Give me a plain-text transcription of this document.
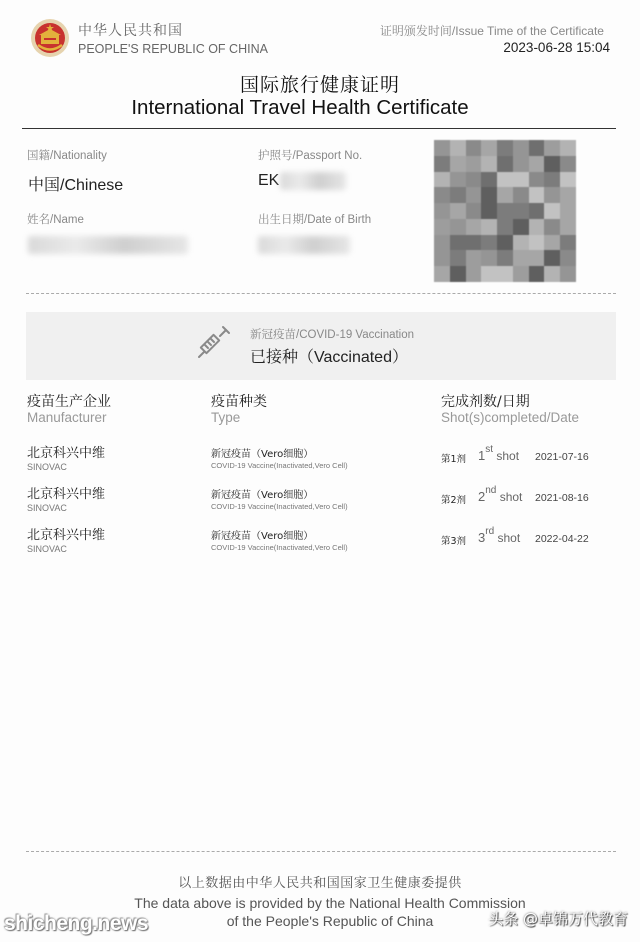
中华人民共和国
PEOPLE'S REPUBLIC OF CHINA
证明颁发时间/Issue Time of the Certificate
2023-06-28 15:04
国际旅行健康证明
International Travel Health Certificate
国籍/Nationality
中国/Chinese
护照号/Passport No.
EK
姓名/Name	出生日期/Date of Birth
新冠疫苗/COVID-19 Vaccination
已接种（Vaccinated）
疫苗生产企业
Manufacturer
疫苗种类
Type
完成剂数/日期
Shot(s)completed/Date
北京科兴中维
SINOVAC
新冠疫苗（Vero细胞）
COVID-19 Vaccine(Inactivated,Vero Cell)
第1剂 1st shot 2021-07-16
北京科兴中维
SINOVAC
新冠疫苗（Vero细胞）
COVID-19 Vaccine(Inactivated,Vero Cell)
第2剂 2nd shot 2021-08-16
北京科兴中维
SINOVAC
新冠疫苗（Vero细胞）
COVID-19 Vaccine(Inactivated,Vero Cell)
第3剂 3rd shot 2022-04-22
以上数据由中华人民共和国国家卫生健康委提供
The data above is provided by the National Health Commission
of the People's Republic of China
shicheng.news	头条 @卓锦万代教育
